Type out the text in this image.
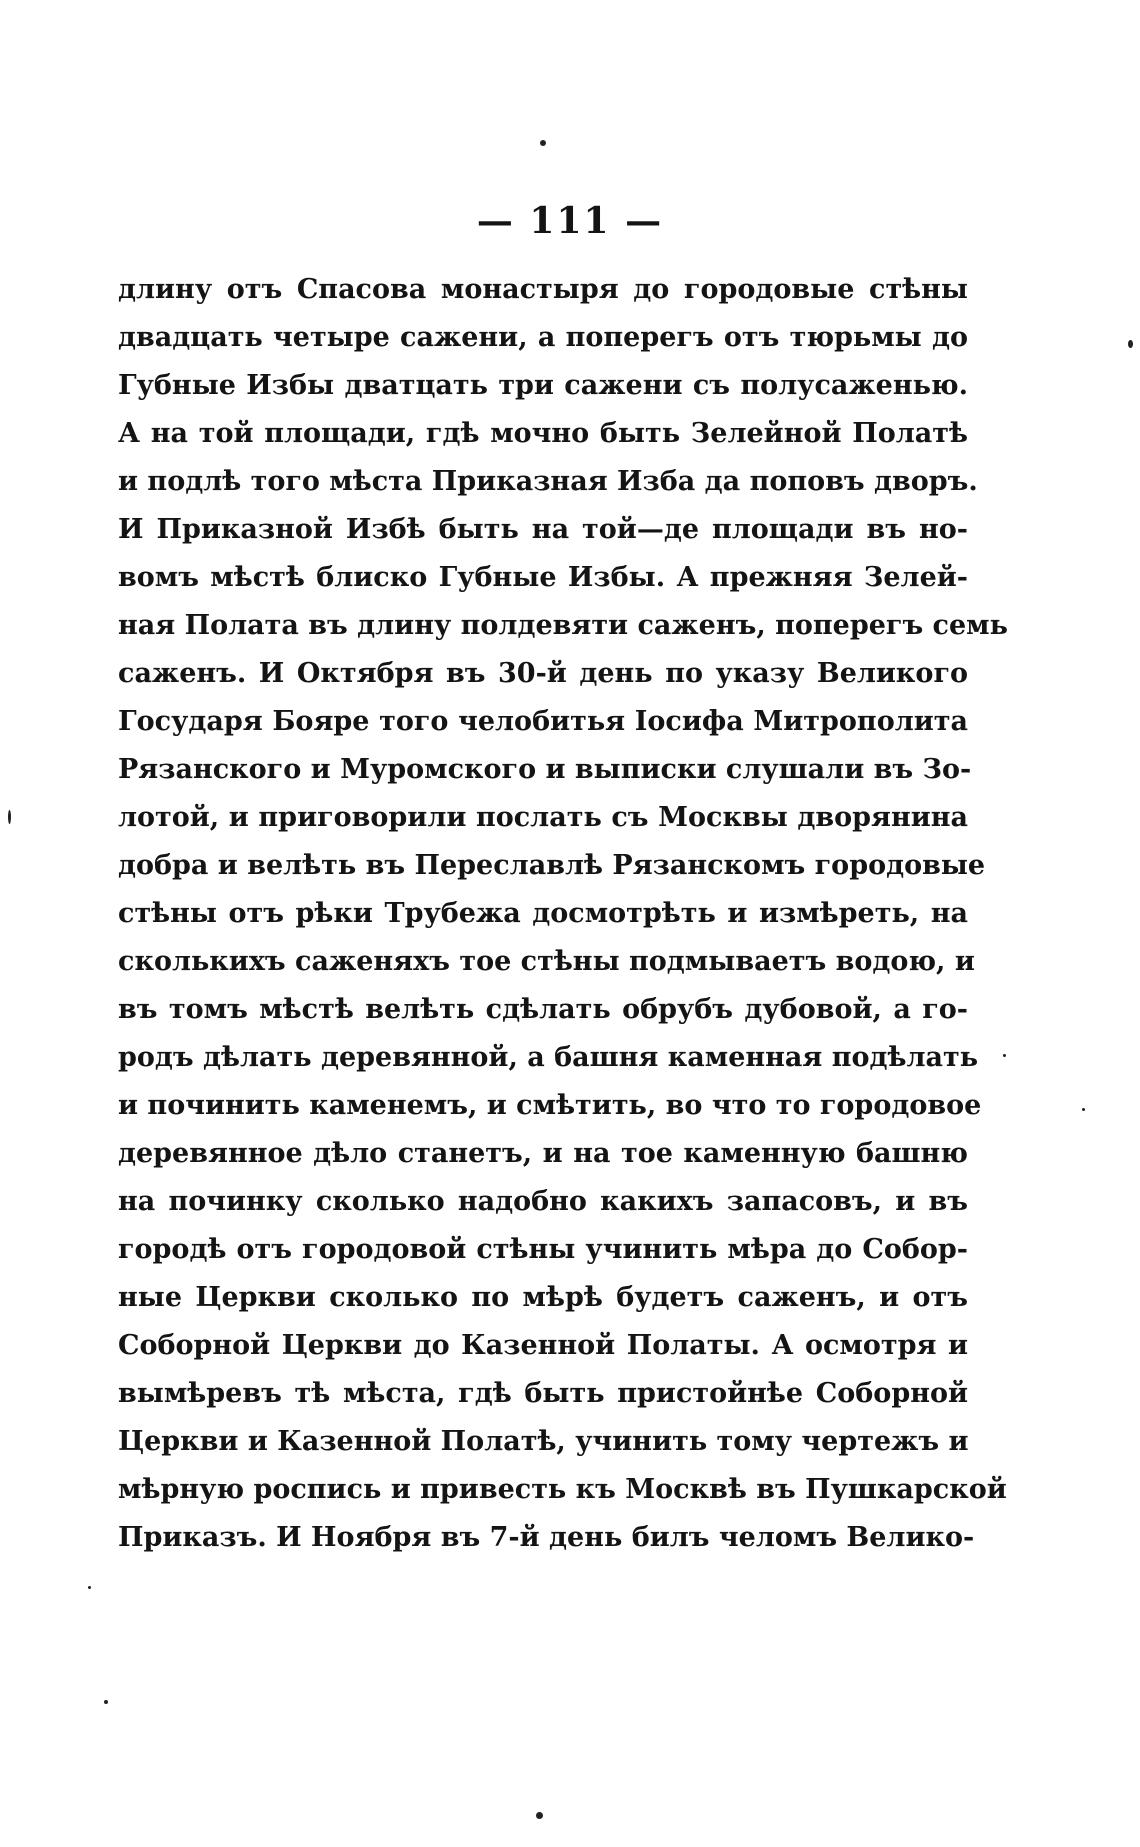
— 111 —
длину отъ Спасова монастыря до городовые стѣны
двадцать четыре сажени, а поперегъ отъ тюрьмы до
Губные Избы дватцать три сажени съ полусаженью.
А на той площади, гдѣ мочно быть Зелейной Полатѣ
и подлѣ того мѣста Приказная Изба да поповъ дворъ.
И Приказной Избѣ быть на той—де площади въ но-
вомъ мѣстѣ блиско Губные Избы. А прежняя Зелей-
ная Полата въ длину полдевяти саженъ, поперегъ семь
саженъ. И Октября въ 30-й день по указу Великого
Государя Бояре того челобитья Іосифа Митрополита
Рязанского и Муромского и выписки слушали въ Зо-
лотой, и приговорили послать съ Москвы дворянина
добра и велѣть въ Переславлѣ Рязанскомъ городовые
стѣны отъ рѣки Трубежа досмотрѣть и измѣреть, на
сколькихъ саженяхъ тое стѣны подмываетъ водою, и
въ томъ мѣстѣ велѣть сдѣлать обрубъ дубовой, а го-
родъ дѣлать деревянной, а башня каменная подѣлать
и починить каменемъ, и смѣтить, во что то городовое
деревянное дѣло станетъ, и на тое каменную башню
на починку сколько надобно какихъ запасовъ, и въ
городѣ отъ городовой стѣны учинить мѣра до Собор-
ные Церкви сколько по мѣрѣ будетъ саженъ, и отъ
Соборной Церкви до Казенной Полаты. А осмотря и
вымѣревъ тѣ мѣста, гдѣ быть пристойнѣе Соборной
Церкви и Казенной Полатѣ, учинить тому чертежъ и
мѣрную роспись и привесть къ Москвѣ въ Пушкарской
Приказъ. И Ноября въ 7-й день билъ челомъ Велико-
